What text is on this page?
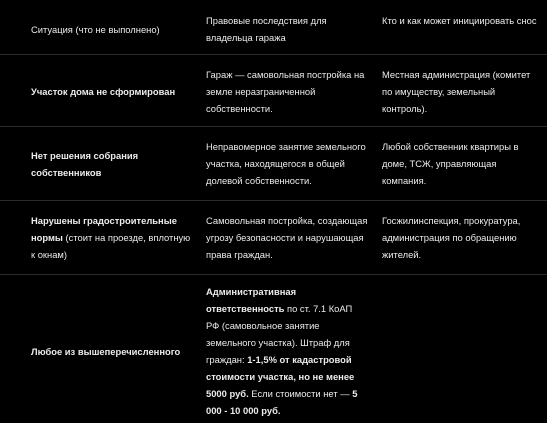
Ситуация (что не выполнено)	Правовые последствия для владельца гаража	Кто и как может инициировать снос
Участок дома не сформирован	Гараж — самовольная постройка на земле неразграниченной собственности.	Местная администрация (комитет по имуществу, земельный контроль).
Нет решения собрания собственников	Неправомерное занятие земельного участка, находящегося в общей долевой собственности.	Любой собственник квартиры в доме, ТСЖ, управляющая компания.
Нарушены градостроительные нормы (стоит на проезде, вплотную к окнам)	Самовольная постройка, создающая угрозу безопасности и нарушающая права граждан.	Госжилинспекция, прокуратура, администрация по обращению жителей.
Любое из вышеперечисленного	Административная ответственность по ст. 7.1 КоАП РФ (самовольное занятие земельного участка). Штраф для граждан: 1-1,5% от кадастровой стоимости участка, но не менее 5000 руб. Если стоимости нет — 5 000 - 10 000 руб.	
